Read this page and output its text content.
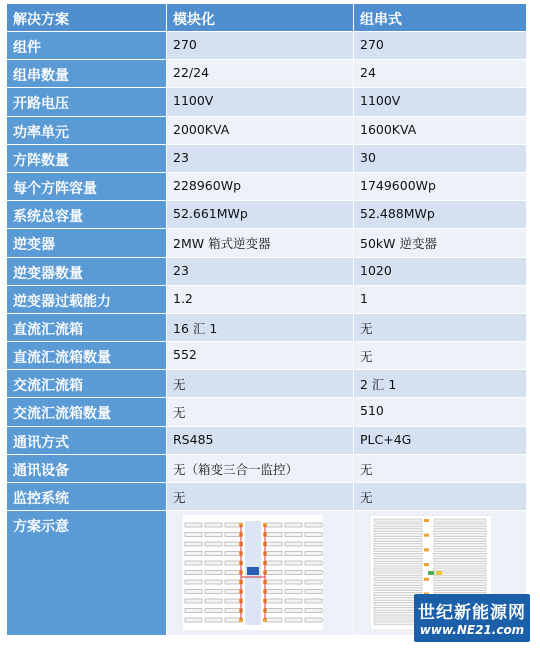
解决方案	模块化	组串式
组件	270	270
组串数量	22/24	24
开路电压	1100V	1100V
功率单元	2000KVA	1600KVA
方阵数量	23	30
每个方阵容量	228960Wp	1749600Wp
系统总容量	52.661MWp	52.488MWp
逆变器	2MW 箱式逆变器	50kW 逆变器
逆变器数量	23	1020
逆变器过载能力	1.2	1
直流汇流箱	16 汇 1	无
直流汇流箱数量	552	无
交流汇流箱	无	2 汇 1
交流汇流箱数量	无	510
通讯方式	RS485	PLC+4G
通讯设备	无（箱变三合一监控）	无
监控系统	无	无
方案示意
世纪新能源网
www.NE21.com
